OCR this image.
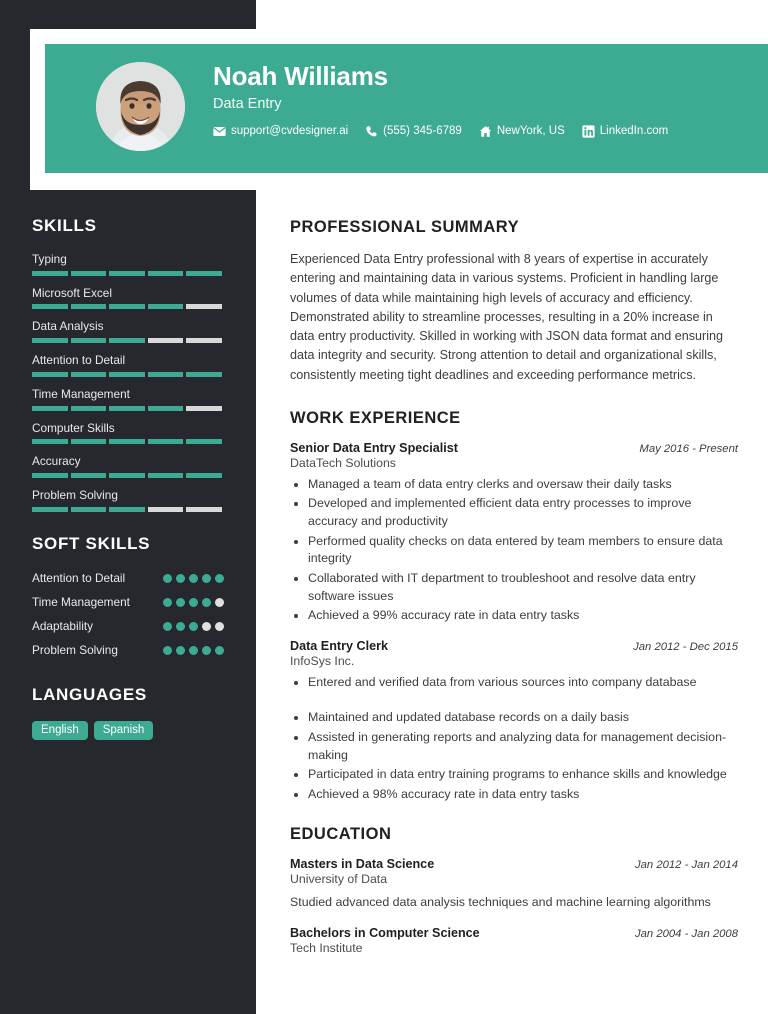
Noah Williams
Data Entry
support@cvdesigner.ai	(555) 345-6789	NewYork, US	LinkedIn.com
SKILLS
Typing
Microsoft Excel
Data Analysis
Attention to Detail
Time Management
Computer Skills
Accuracy
Problem Solving
SOFT SKILLS
Attention to Detail
Time Management
Adaptability
Problem Solving
LANGUAGES
English	Spanish
PROFESSIONAL SUMMARY
Experienced Data Entry professional with 8 years of expertise in accurately entering and maintaining data in various systems. Proficient in handling large volumes of data while maintaining high levels of accuracy and efficiency. Demonstrated ability to streamline processes, resulting in a 20% increase in data entry productivity. Skilled in working with JSON data format and ensuring data integrity and security. Strong attention to detail and organizational skills, consistently meeting tight deadlines and exceeding performance metrics.
WORK EXPERIENCE
Senior Data Entry Specialist	May 2016 - Present
DataTech Solutions
• Managed a team of data entry clerks and oversaw their daily tasks
• Developed and implemented efficient data entry processes to improve accuracy and productivity
• Performed quality checks on data entered by team members to ensure data integrity
• Collaborated with IT department to troubleshoot and resolve data entry software issues
• Achieved a 99% accuracy rate in data entry tasks
Data Entry Clerk	Jan 2012 - Dec 2015
InfoSys Inc.
• Entered and verified data from various sources into company database
• Maintained and updated database records on a daily basis
• Assisted in generating reports and analyzing data for management decision-making
• Participated in data entry training programs to enhance skills and knowledge
• Achieved a 98% accuracy rate in data entry tasks
EDUCATION
Masters in Data Science	Jan 2012 - Jan 2014
University of Data
Studied advanced data analysis techniques and machine learning algorithms
Bachelors in Computer Science	Jan 2004 - Jan 2008
Tech Institute
